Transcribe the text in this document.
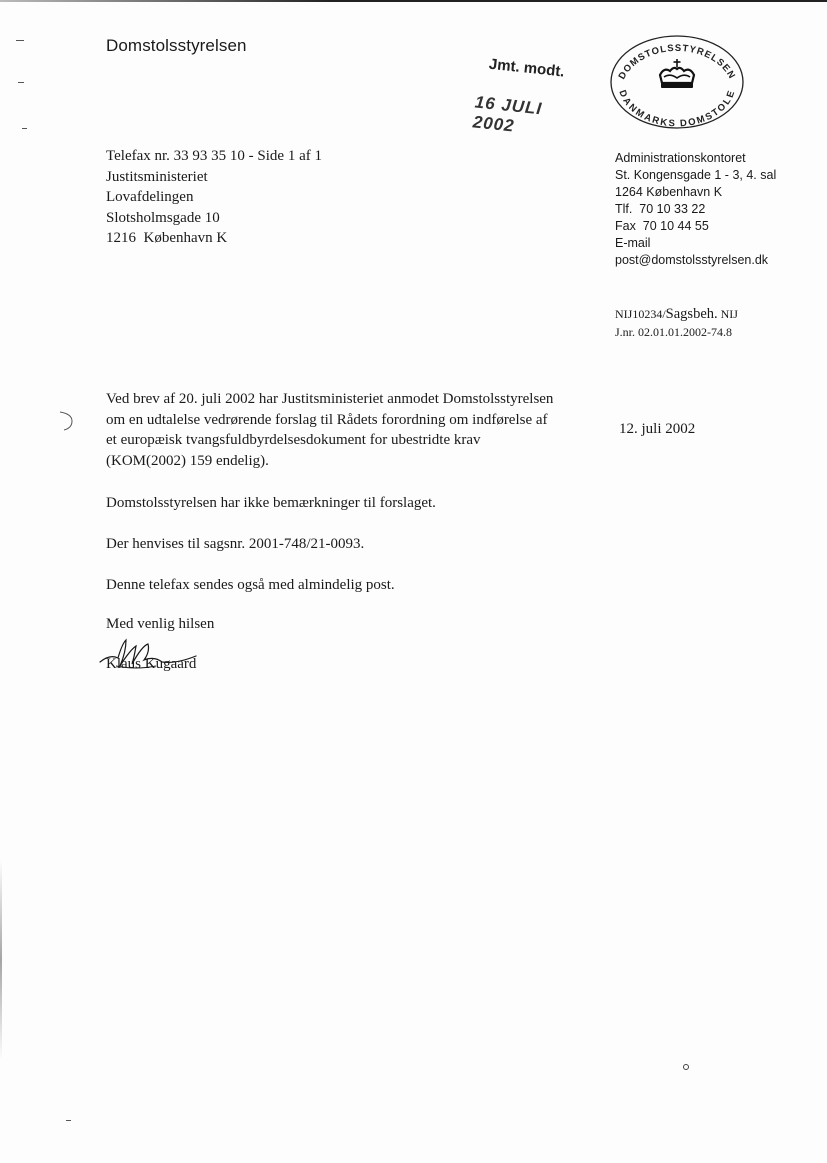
Domstolsstyrelsen
Jmt. modt.
16 JULI 2002
DOMSTOLSSTYRELSEN
DANMARKS DOMSTOLE
Telefax nr. 33 93 35 10 - Side 1 af 1
Justitsministeriet
Lovafdelingen
Slotsholmsgade 10
1216  København K
Administrationskontoret
St. Kongensgade 1 - 3, 4. sal
1264 København K
Tlf.  70 10 33 22
Fax  70 10 44 55
E-mail
post@domstolsstyrelsen.dk
NIJ10234/Sagsbeh. NIJ
J.nr. 02.01.01.2002-74.8
12. juli 2002
Ved brev af 20. juli 2002 har Justitsministeriet anmodet Domstolsstyrelsen
om en udtalelse vedrørende forslag til Rådets forordning om indførelse af
et europæisk tvangsfuldbyrdelsesdokument for ubestridte krav
(KOM(2002) 159 endelig).
Domstolsstyrelsen har ikke bemærkninger til forslaget.
Der henvises til sagsnr. 2001-748/21-0093.
Denne telefax sendes også med almindelig post.
Med venlig hilsen
Klaus Kugaard
